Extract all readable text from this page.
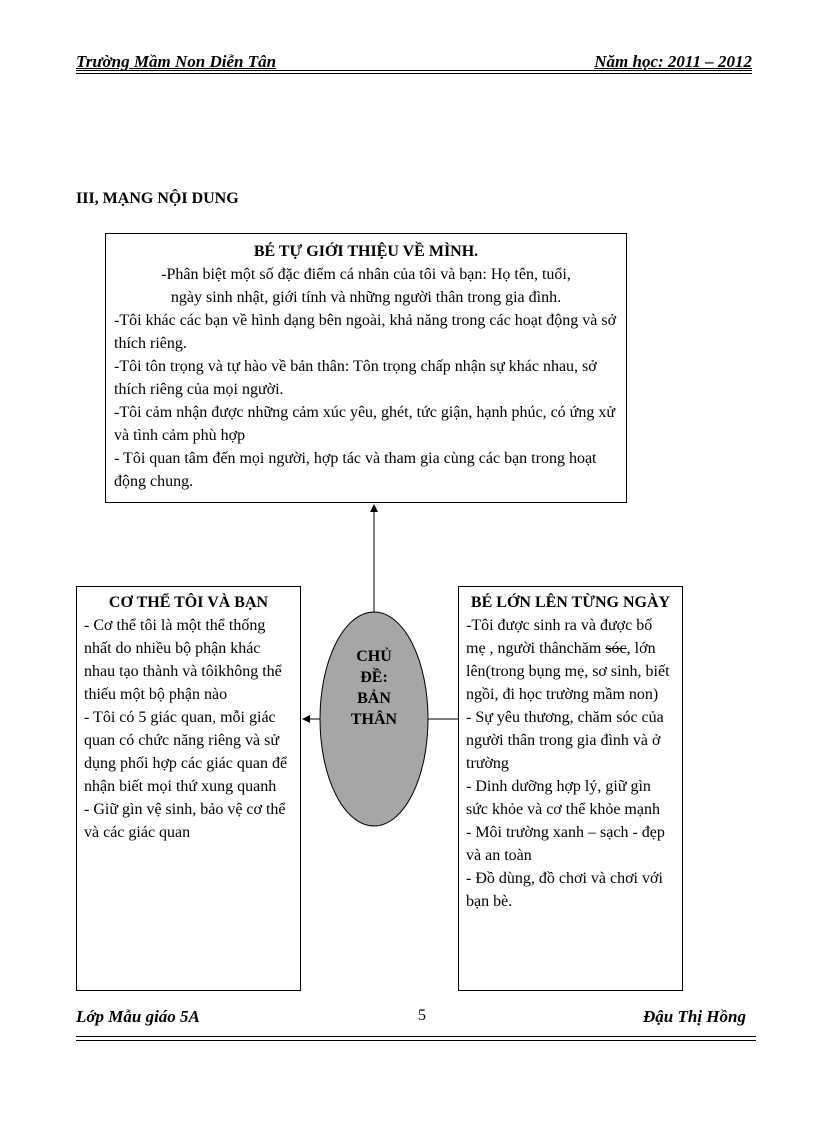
Trường Mầm Non Diễn Tân	Năm học: 2011 – 2012
III, MẠNG NỘI DUNG

BÉ TỰ GIỚI THIỆU VỀ MÌNH.

-Phân biệt một số đặc điểm cá nhân của tôi và bạn: Họ tên, tuổi,

ngày sinh nhật, giới tính và những người thân trong gia đình.

-Tôi khác các bạn về hình dạng bên ngoài, khả năng trong các hoạt động và sở thích riêng.

-Tôi tôn trọng và tự hào về bản thân: Tôn trọng chấp nhận sự khác nhau, sở thích riêng của mọi người.

-Tôi cảm nhận được những cảm xúc yêu, ghét, tức giận, hạnh phúc, có ứng xử và tình cảm phù hợp

- Tôi quan tâm đến mọi người, hợp tác và tham gia cùng các bạn trong hoạt động chung.

CƠ THỂ TÔI VÀ BẠN

- Cơ thể tôi là một thể thống nhất do nhiều bộ phận khác nhau tạo thành và tôikhông thể thiếu một bộ phận nào

- Tôi có 5 giác quan, mỗi giác quan có chức năng riêng và sử dụng phối hợp các giác quan để nhận biết mọi thứ xung quanh

- Giữ gìn vệ sinh, bảo vệ cơ thể và các giác quan

BÉ LỚN LÊN TỪNG NGÀY

-Tôi được sinh ra và được bố mẹ , người thânchăm sóc, lớn lên(trong bụng mẹ, sơ sinh, biết ngồi, đi học trường mầm non)

- Sự yêu thương, chăm sóc của người thân trong gia đình và ở trường

- Dinh dưỡng hợp lý, giữ gìn sức khỏe và cơ thể khỏe mạnh

- Môi trường xanh – sạch - đẹp và an toàn

- Đồ dùng, đồ chơi và chơi với bạn bè.

CHỦ
ĐỀ:
BẢN
THÂN
Lớp Mẫu giáo 5A	5	Đậu Thị Hồng
